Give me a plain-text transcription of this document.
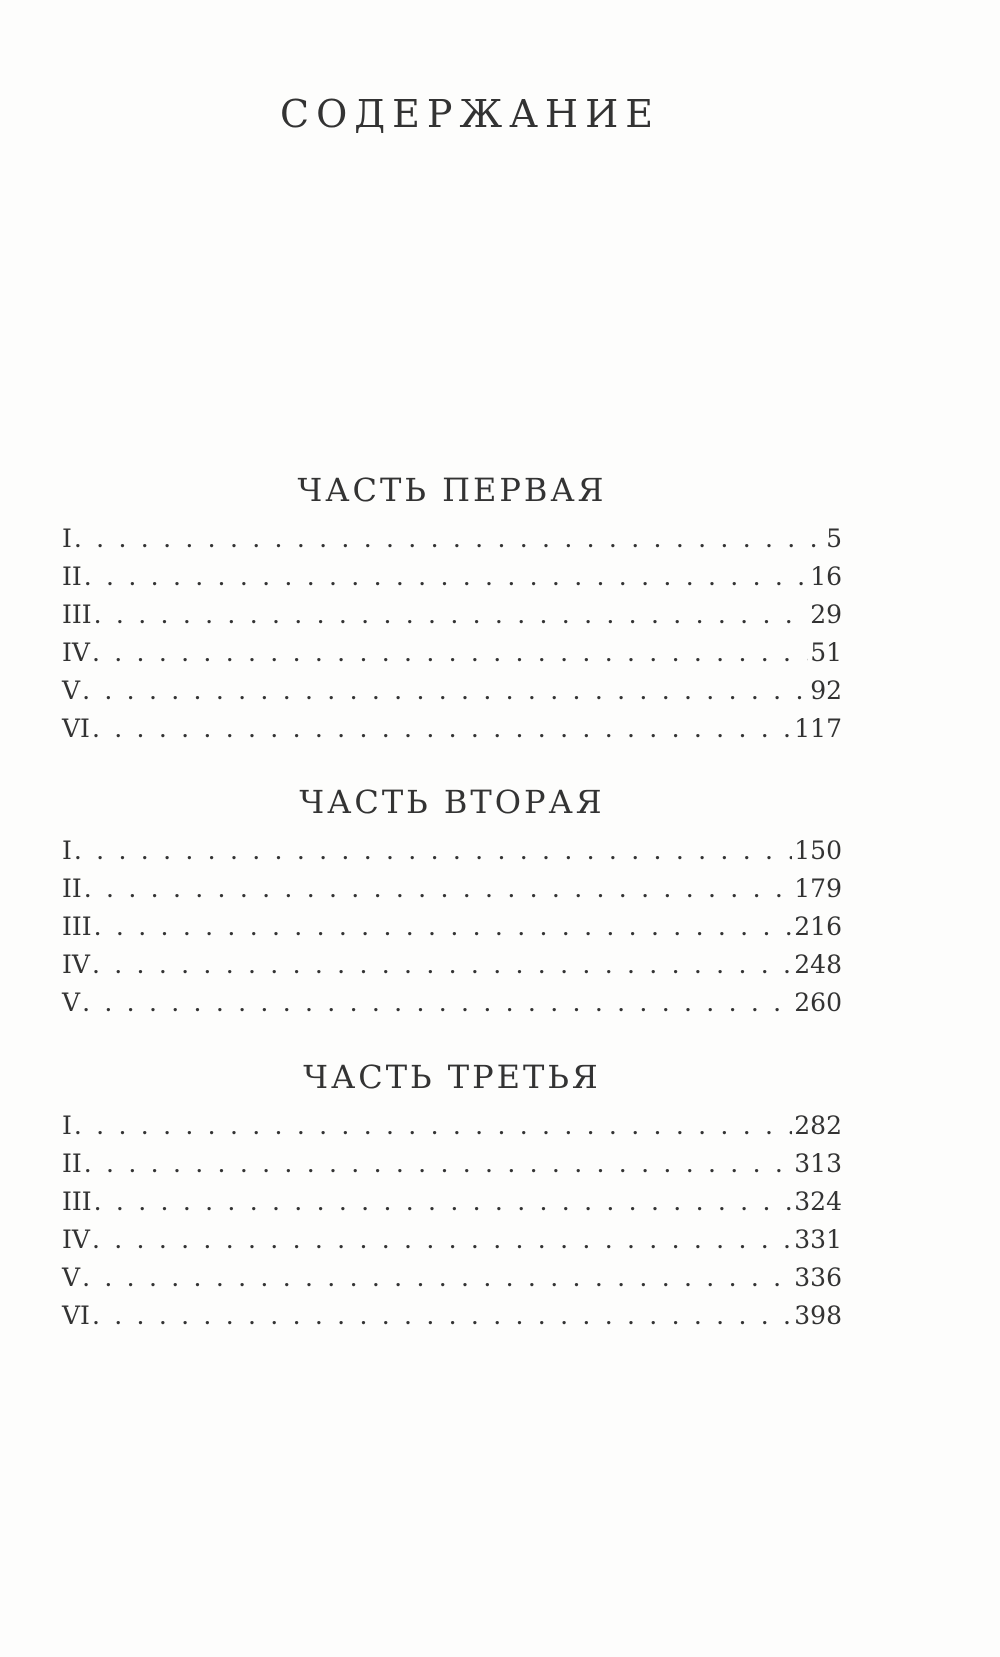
СОДЕРЖАНИЕ
ЧАСТЬ ПЕРВАЯ
I . . .	5
II . . .	16
III . . .	29
IV . . .	51
V . . .	92
VI . . .	117
ЧАСТЬ ВТОРАЯ
I . . .	150
II . . .	179
III . . .	216
IV . . .	248
V . . .	260
ЧАСТЬ ТРЕТЬЯ
I . . .	282
II . . .	313
III . . .	324
IV . . .	331
V . . .	336
VI . . .	398
